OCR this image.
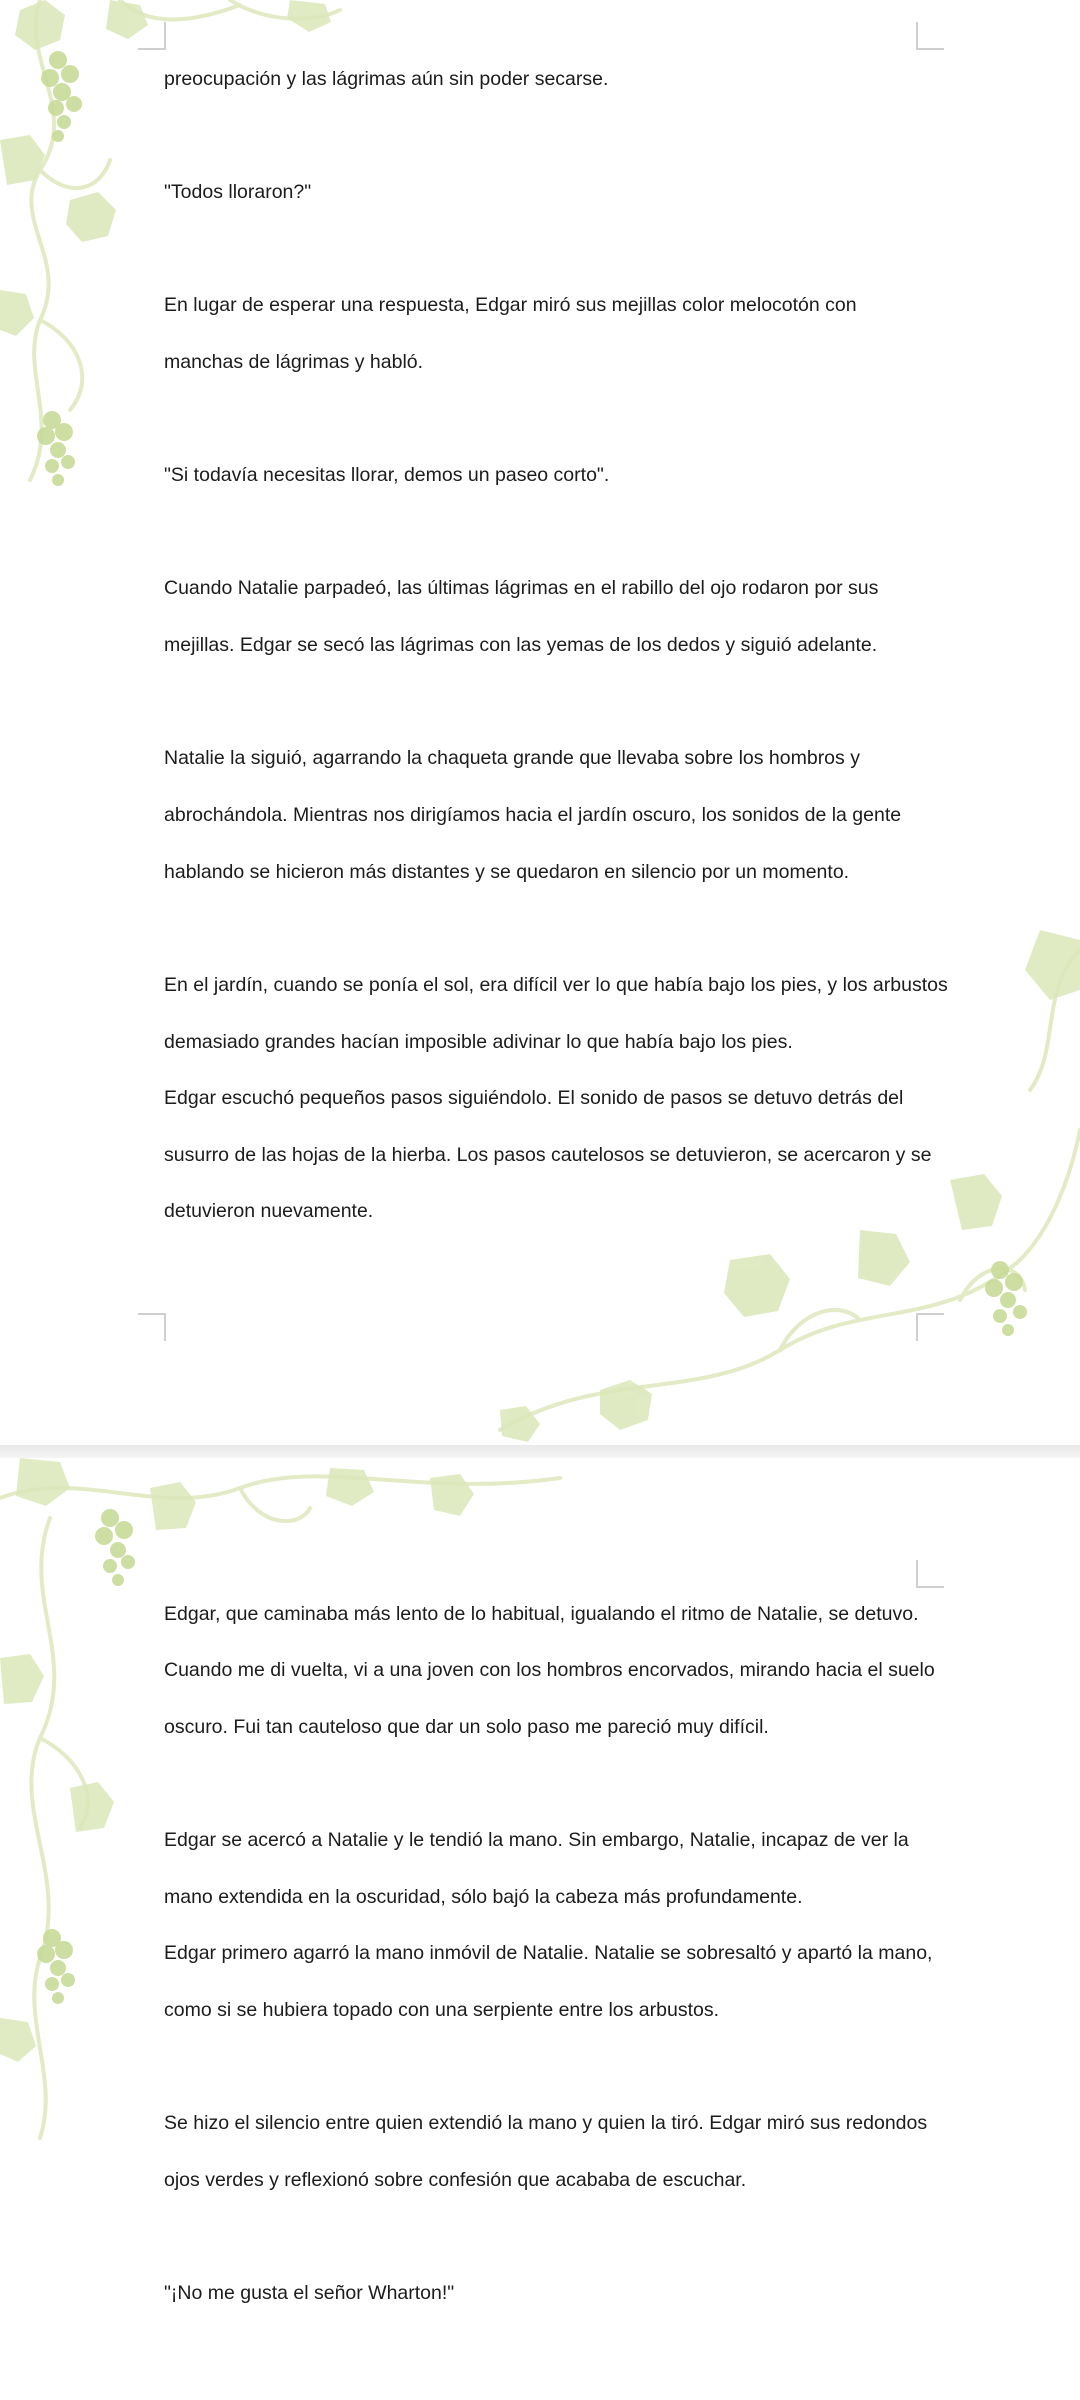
preocupación y las lágrimas aún sin poder secarse.

"Todos lloraron?"

En lugar de esperar una respuesta, Edgar miró sus mejillas color melocotón con

manchas de lágrimas y habló.

"Si todavía necesitas llorar, demos un paseo corto".

Cuando Natalie parpadeó, las últimas lágrimas en el rabillo del ojo rodaron por sus

mejillas. Edgar se secó las lágrimas con las yemas de los dedos y siguió adelante.

Natalie la siguió, agarrando la chaqueta grande que llevaba sobre los hombros y

abrochándola. Mientras nos dirigíamos hacia el jardín oscuro, los sonidos de la gente

hablando se hicieron más distantes y se quedaron en silencio por un momento.

En el jardín, cuando se ponía el sol, era difícil ver lo que había bajo los pies, y los arbustos

demasiado grandes hacían imposible adivinar lo que había bajo los pies.

Edgar escuchó pequeños pasos siguiéndolo. El sonido de pasos se detuvo detrás del

susurro de las hojas de la hierba. Los pasos cautelosos se detuvieron, se acercaron y se

detuvieron nuevamente.

Edgar, que caminaba más lento de lo habitual, igualando el ritmo de Natalie, se detuvo.

Cuando me di vuelta, vi a una joven con los hombros encorvados, mirando hacia el suelo

oscuro. Fui tan cauteloso que dar un solo paso me pareció muy difícil.

Edgar se acercó a Natalie y le tendió la mano. Sin embargo, Natalie, incapaz de ver la

mano extendida en la oscuridad, sólo bajó la cabeza más profundamente.

Edgar primero agarró la mano inmóvil de Natalie. Natalie se sobresaltó y apartó la mano,

como si se hubiera topado con una serpiente entre los arbustos.

Se hizo el silencio entre quien extendió la mano y quien la tiró. Edgar miró sus redondos

ojos verdes y reflexionó sobre confesión que acababa de escuchar.

"¡No me gusta el señor Wharton!"
